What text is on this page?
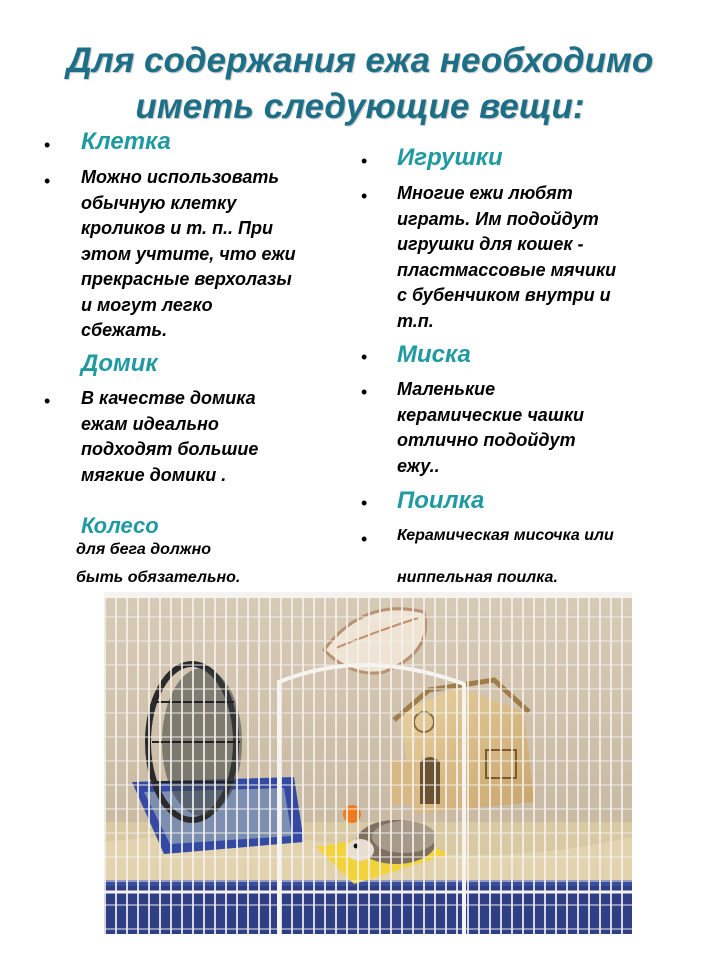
Для содержания ежа необходимо
иметь следующие вещи:
• Клетка
• Можно использовать
обычную клетку
кроликов и т. п.. При
этом учтите, что ежи
прекрасные верхолазы
и могут легко
сбежать.
Домик
• В качестве домика
ежам идеально
подходят большие
мягкие домики .
Колесо
для бега должно
быть обязательно.
• Игрушки
• Многие ежи любят
играть. Им подойдут
игрушки для кошек -
пластмассовые мячики
с бубенчиком внутри и
т.п.
• Миска
• Маленькие
керамические чашки
отлично подойдут
ежу..
• Поилка
• Керамическая мисочка или
ниппельная поилка.
